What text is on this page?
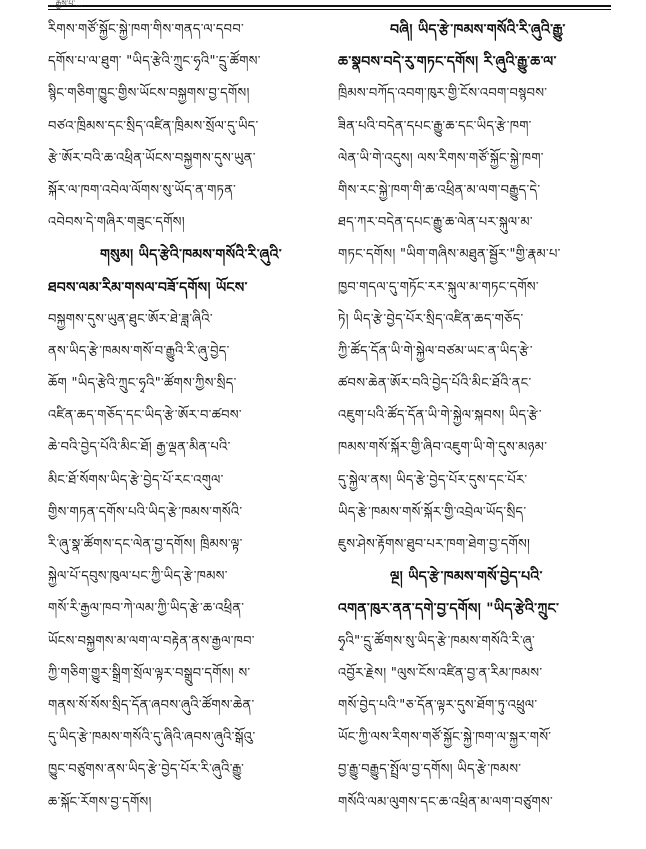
...རྒྱས་པ་...
རིགས་གཙོ་སྐྱོང་སྐྱེ་ཁག་གིས་གནད་ལ་དབབ་
དགོས་པ་ལ་ཐུག་ "ཡིད་རྩེའི་ཀྲུང་ཧྭའི"་དྲུ་ཚོགས་
སྙིང་གཅིག་ཁྱུང་གྱིས་ཡོངས་བསྐྱགས་བྱ་དགོས།
བཙའ་ཁྲིམས་དང་སྲིད་འཛིན་ཁྲིམས་སྲོལ་དུ་ཡིད་
རྩེ་ཨོར་བའི་ཆ་འཕྲིན་ཡོངས་བསྐྱགས་དུས་ཡུན་
སྐོར་ལ་ཁག་འབེལ་ལོགས་སུ་ཡོད་ན་གཏན་
འབེབས་དེ་གཞིར་གཟུང་དགོས།
གསུམ། ཡིད་རྩེའི་ཁམས་གསོའི་རི་ཞུའི་
ཐབས་ལམ་རིམ་གསལ་བཟོ་དགོས། ཡོངས་
བསྐྱགས་དུས་ཡུན་ཐུང་ཨོར་ཐེ་ཟླ་ཞིའི་
ནས་ཡིད་རྩེ་ཁམས་གསོ་བ་རྒྱུའི་རི་ཞུ་བྱེད་
ཆོག "ཡིད་རྩེའི་ཀྲུང་ཧྭའི"་ཚོགས་ཀྱིས་སྲིད་
འཛིན་ཆད་གཅོད་དང་ཡིད་རྩེ་ཨོར་བ་ཚབས་
ཆེ་བའི་བྱེད་པོའི་མིང་ཐོ། རྒྱ་ལྡན་མིན་པའི་
མིང་ཐོ་སོགས་ཡིད་རྩེ་བྱེད་པོ་རང་འགུལ་
གྱིས་གཏན་དགོས་པའི་ཡིད་རྩེ་ཁམས་གསོའི་
རི་ཞུ་སྣ་ཚོགས་དང་ལེན་བྱ་དགོས། ཁྲིམས་ལྟ་
སྐྱེལ་པོ་དབུས་ཁུལ་པང་ཀྱི་ཡིད་རྩེ་ཁམས་
གསོ་རི་རྒྱལ་ཁབ་ཀེ་ལམ་ཀྱི་ཡིད་རྩེ་ཆ་འཕྲིན་
ཡོངས་བསྐྱགས་མ་ལག་ལ་བརྟེན་ནས་རྒྱལ་ཁབ་
ཀྱི་གཅིག་གྱུར་སྒྲིག་སྲོལ་ལྟར་བསྒྲུབ་དགོས། ས་
གནས་སོ་སོས་སྲིད་དོན་ཞབས་ཞུའི་ཚོགས་ཆེན་
དུ་ཡིད་རྩེ་ཁམས་གསོའི་དུ་ཞིའི་ཞབས་ཞུའི་སྒོའུ་
ཁྱུང་བཙུགས་ནས་ཡིད་རྩེ་བྱེད་པོར་རི་ཞུའི་རྒྱུ་
ཆ་སྐོང་རོགས་བྱ་དགོས།
བཞི། ཡིད་རྩེ་ཁམས་གསོའི་རི་ཞུའི་རྒྱུ་
ཆ་སྣབས་བདེ་རུ་གཏང་དགོས། རི་ཞུའི་རྒྱུ་ཆ་ལ་
ཁྲིམས་བཀོད་འབག་ཁུར་གྱི་ངོས་འབག་བསྙབས་
ཟིན་པའི་བདེན་དཔང་རྒྱུ་ཆ་དང་ཡིད་རྩེ་ཁག་
ལེན་ཡི་གེ་འདུས། ལས་རིགས་གཙོ་སྐྱོང་སྐྱེ་ཁག་
གིས་རང་སྐྱེ་ཁག་གི་ཆ་འཕྲིན་མ་ལག་བརྒྱུད་དེ་
ཐད་ཀར་བདེན་དཔང་རྒྱུ་ཆ་ལེན་པར་སྐུལ་མ་
གཏང་དགོས། "ཡིག་གཞིས་མཐུན་སྦྱོར་"གྱི་རྣམ་པ་
ཁྱབ་གདལ་དུ་གཏོང་རར་སྐུལ་མ་གཏང་དགོས་
ཏེ། ཡིད་རྩེ་བྱེད་པོར་སྲིད་འཛིན་ཆད་གཅོད་
ཀྱི་ཚོད་དོན་ཡི་གེ་སྐྱེལ་བཙམ་ཡང་ན་ཡིད་རྩེ་
ཚབས་ཆེན་ཨོར་བའི་བྱེད་པོའི་མིང་ཐོའི་ནང་
འཇུག་པའི་ཚོད་དོན་ཡི་གེ་སྐྱེལ་སྐབས། ཡིད་རྩེ་
ཁམས་གསོ་སྐོར་གྱི་ཞིབ་འཇུག་ཡི་གེ་དུས་མཉམ་
དུ་སྐྱེལ་ནས། ཡིད་རྩེ་བྱེད་པོར་དུས་དང་པོར་
ཡིད་རྩེ་ཁམས་གསོ་སྐོར་གྱི་འབྲེལ་ཡོད་སྲིད་
ཇུས་ཤེས་རྟོགས་ཐུབ་པར་ཁག་ཐེག་བྱ་དགོས།
ལྔ། ཡིད་རྩེ་ཁམས་གསོ་བྱེད་པའི་
འགན་ཁུར་ནན་དགེ་བྱ་དགོས། "ཡིད་རྩེའི་ཀྲུང་
ཧྭའི"་དྲུ་ཚོགས་སུ་ཡིད་རྩེ་ཁམས་གསོའི་རི་ཞུ་
འབྱོར་རྗེས། "ལུས་ངོས་འཛིན་བྱ་ན་རིམ་ཁམས་
གསོ་བྱེད་པའི་"ཅ་དོན་ལྟར་དུས་ཐོག་ཏུ་འཕྲུལ་
ཡོང་ཀྱི་ལས་རིགས་གཙོ་སྐྱོང་སྐྱེ་ཁག་ལ་སྐྱར་གསོ་
བྱ་རྒྱུ་བརྒྱུད་སྤྲོལ་བྱ་དགོས། ཡིད་རྩེ་ཁམས་
གསོའི་ལམ་ལུགས་དང་ཆ་འཕྲིན་མ་ལག་བཙུགས་
